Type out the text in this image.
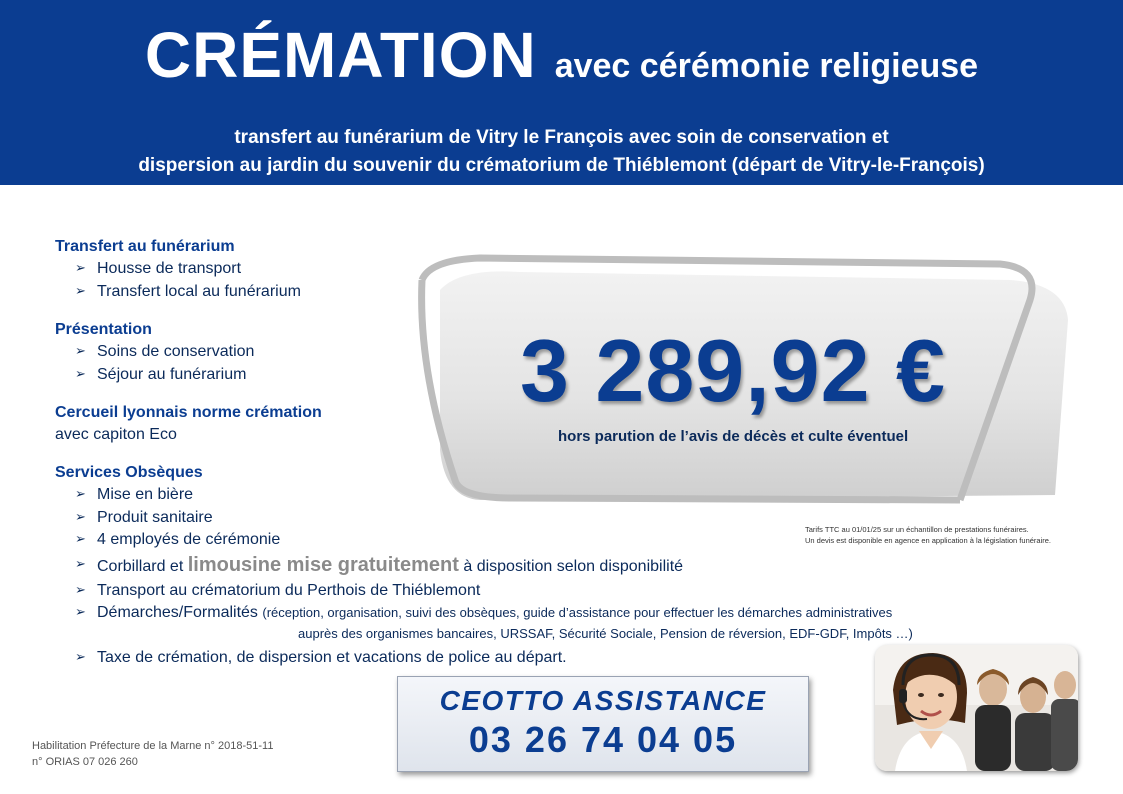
CRÉMATION avec cérémonie religieuse
transfert au funérarium de Vitry le François avec soin de conservation et
dispersion au jardin du souvenir du crématorium de Thiéblemont (départ de Vitry-le-François)
Transfert au funérarium
➢ Housse de transport
➢ Transfert local au funérarium
Présentation
➢ Soins de conservation
➢ Séjour au funérarium
Cercueil lyonnais norme crémation
avec capiton Eco
Services Obsèques
➢ Mise en bière
➢ Produit sanitaire
➢ 4 employés de cérémonie
➢ Corbillard et limousine mise gratuitement à disposition selon disponibilité
➢ Transport au crématorium du Perthois de Thiéblemont
➢ Démarches/Formalités (réception, organisation, suivi des obsèques, guide d’assistance pour effectuer les démarches administratives
auprès des organismes bancaires, URSSAF, Sécurité Sociale, Pension de réversion, EDF-GDF, Impôts …)
➢ Taxe de crémation, de dispersion et vacations de police au départ.
3 289,92 €
hors parution de l’avis de décès et culte éventuel
Tarifs TTC au 01/01/25 sur un échantillon de prestations funéraires.
Un devis est disponible en agence en application à la législation funéraire.
CEOTTO ASSISTANCE
03 26 74 04 05
Habilitation Préfecture de la Marne n° 2018-51-11
n° ORIAS 07 026 260
